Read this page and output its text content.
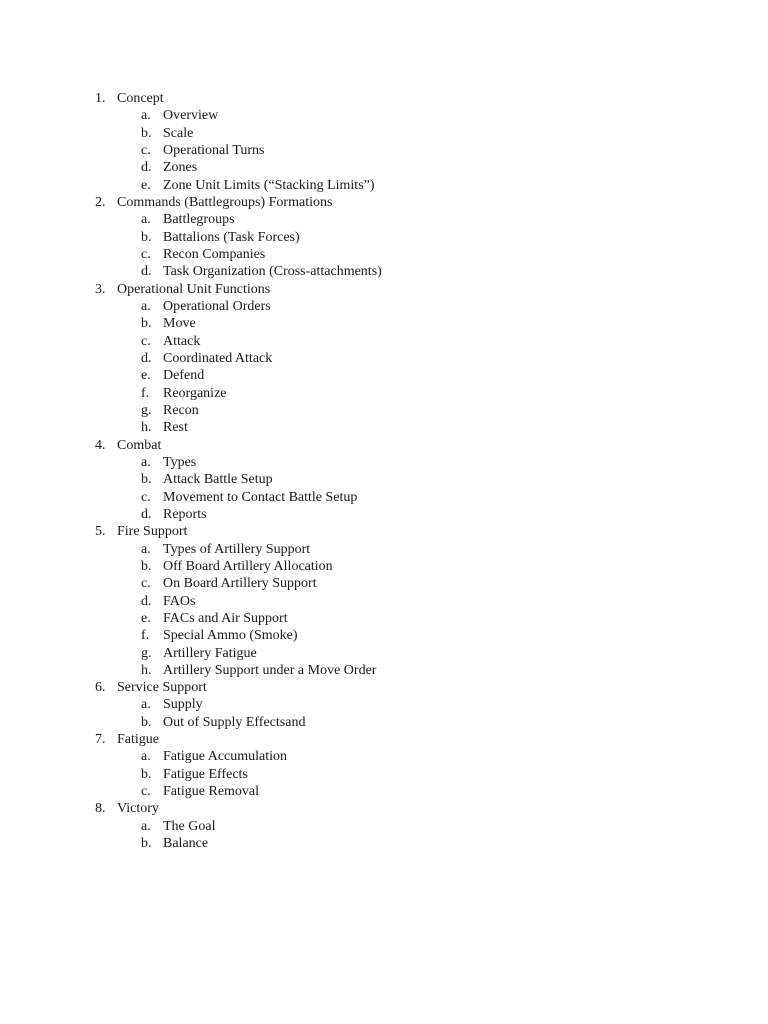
1. Concept
a. Overview
b. Scale
c. Operational Turns
d. Zones
e. Zone Unit Limits (“Stacking Limits”)
2. Commands (Battlegroups) Formations
a. Battlegroups
b. Battalions (Task Forces)
c. Recon Companies
d. Task Organization (Cross-attachments)
3. Operational Unit Functions
a. Operational Orders
b. Move
c. Attack
d. Coordinated Attack
e. Defend
f. Reorganize
g. Recon
h. Rest
4. Combat
a. Types
b. Attack Battle Setup
c. Movement to Contact Battle Setup
d. Reports
5. Fire Support
a. Types of Artillery Support
b. Off Board Artillery Allocation
c. On Board Artillery Support
d. FAOs
e. FACs and Air Support
f. Special Ammo (Smoke)
g. Artillery Fatigue
h. Artillery Support under a Move Order
6. Service Support
a. Supply
b. Out of Supply Effectsand
7. Fatigue
a. Fatigue Accumulation
b. Fatigue Effects
c. Fatigue Removal
8. Victory
a. The Goal
b. Balance
